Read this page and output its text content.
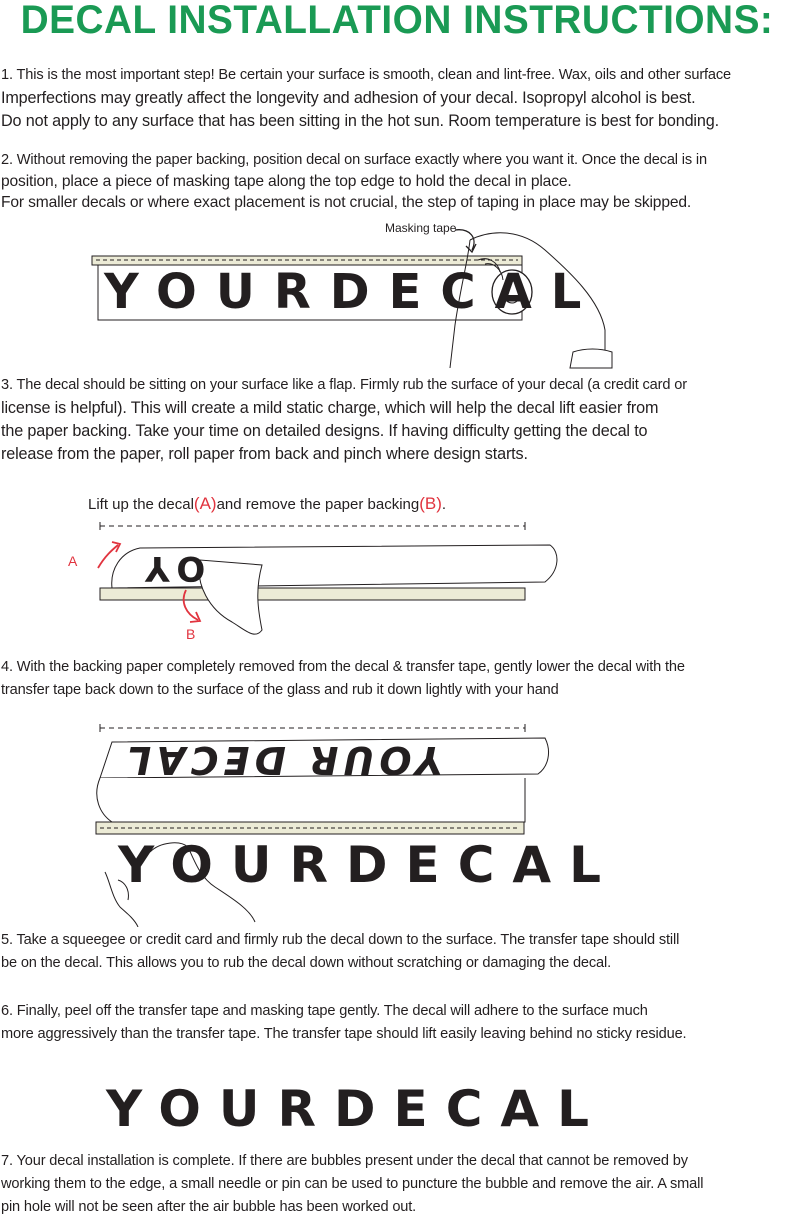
DECAL INSTALLATION INSTRUCTIONS:
1. This is the most important step! Be certain your surface is smooth, clean and lint-free. Wax, oils and other surface
Imperfections may greatly affect the longevity and adhesion of your decal. Isopropyl alcohol is best.
Do not apply to any surface that has been sitting in the hot sun. Room temperature is best for bonding.
2. Without removing the paper backing, position decal on surface exactly where you want it. Once the decal is in
position, place a piece of masking tape along the top edge to hold the decal in place.
For smaller decals or where exact placement is not crucial, the step of taping in place may be skipped.
Masking tape
YOURDECAL
3. The decal should be sitting on your surface like a flap. Firmly rub the surface of your decal (a credit card or
license is helpful). This will create a mild static charge, which will help the decal lift easier from
the paper backing. Take your time on detailed designs. If having difficulty getting the decal to
release from the paper, roll paper from back and pinch where design starts.
Lift up the decal(A)and remove the paper backing(B).
A
B
YO
4. With the backing paper completely removed from the decal & transfer tape, gently lower the decal with the
transfer tape back down to the surface of the glass and rub it down lightly with your hand
YOUR DECAL
YOURDECAL
5. Take a squeegee or credit card and firmly rub the decal down to the surface. The transfer tape should still
be on the decal. This allows you to rub the decal down without scratching or damaging the decal.
6. Finally, peel off the transfer tape and masking tape gently. The decal will adhere to the surface much
more aggressively than the transfer tape. The transfer tape should lift easily leaving behind no sticky residue.
YOURDECAL
7. Your decal installation is complete. If there are bubbles present under the decal that cannot be removed by
working them to the edge, a small needle or pin can be used to puncture the bubble and remove the air. A small
pin hole will not be seen after the air bubble has been worked out.
